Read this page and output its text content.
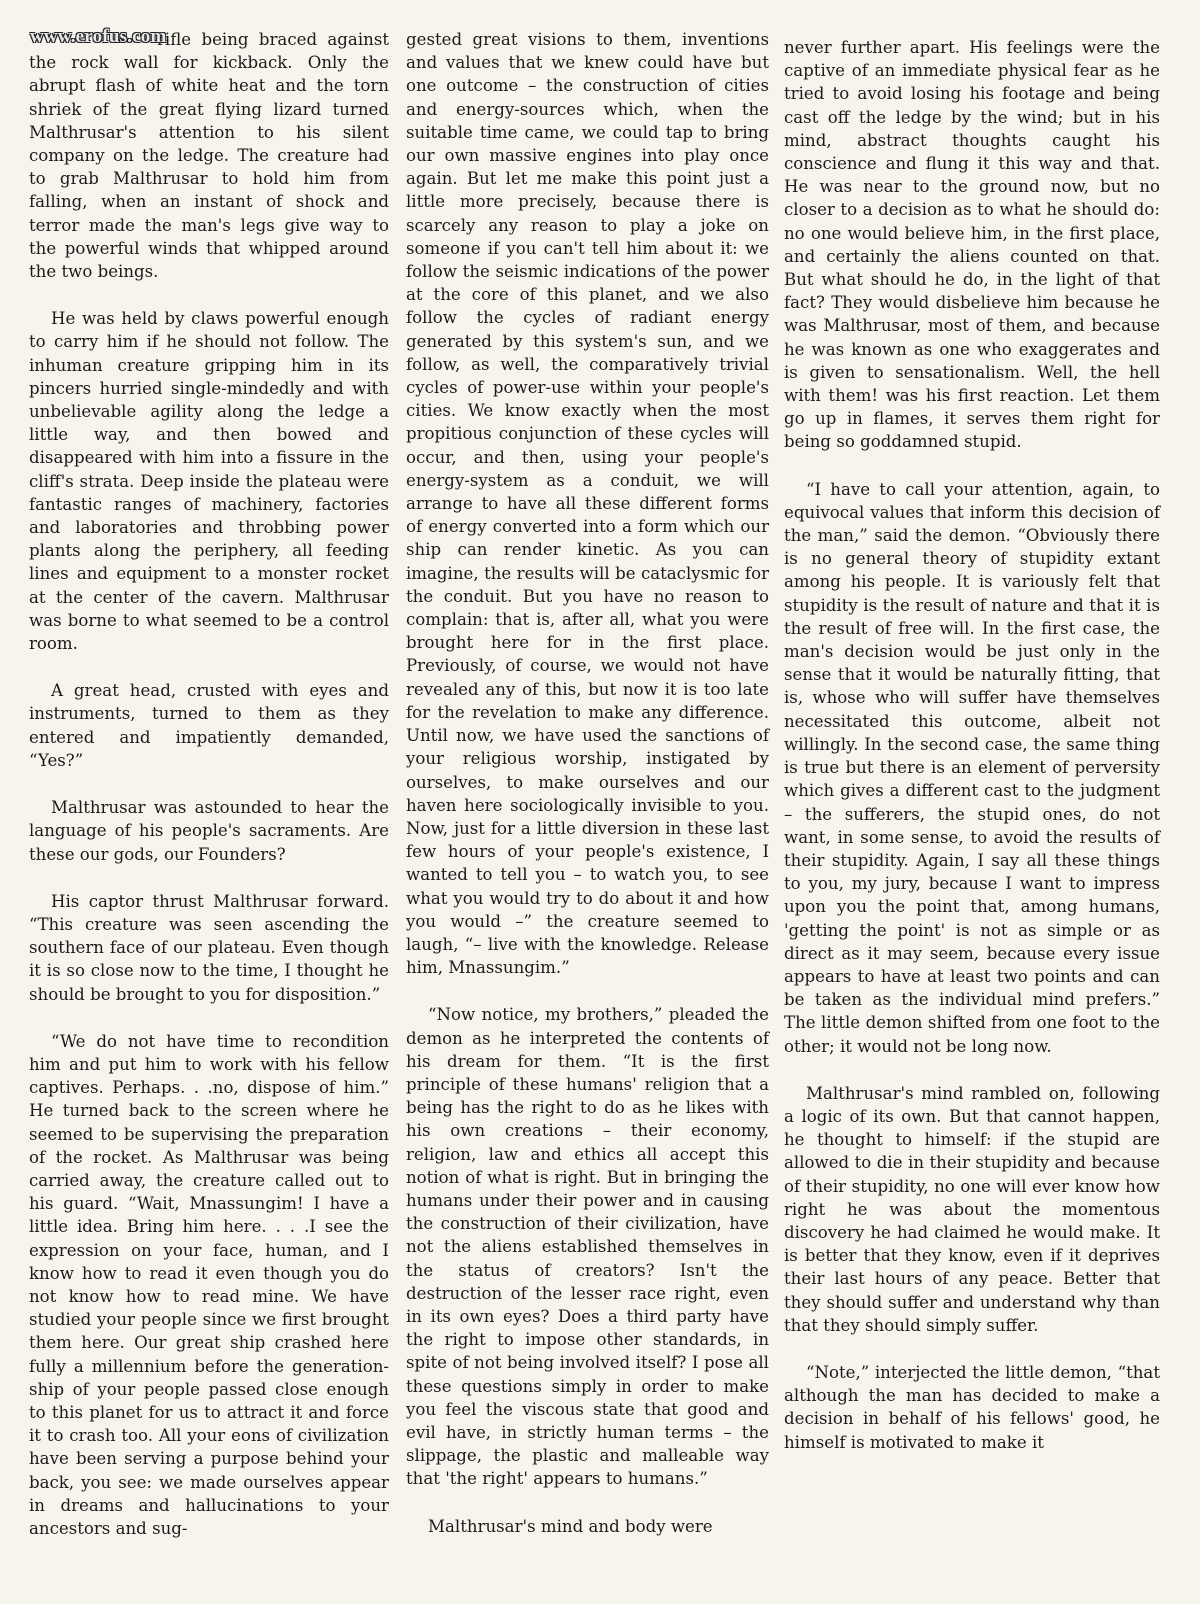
www.erofus.com

rifle being braced against the rock wall for kickback. Only the abrupt flash of white heat and the torn shriek of the great flying lizard turned Malthrusar's attention to his silent company on the ledge. The creature had to grab Malthrusar to hold him from falling, when an instant of shock and terror made the man's legs give way to the powerful winds that whipped around the two beings.

He was held by claws powerful enough to carry him if he should not follow. The inhuman creature gripping him in its pincers hurried single-mindedly and with unbelievable agility along the ledge a little way, and then bowed and disappeared with him into a fissure in the cliff's strata. Deep inside the plateau were fantastic ranges of machinery, factories and laboratories and throbbing power plants along the periphery, all feeding lines and equipment to a monster rocket at the center of the cavern. Malthrusar was borne to what seemed to be a control room.

A great head, crusted with eyes and instruments, turned to them as they entered and impatiently demanded, “Yes?”

Malthrusar was astounded to hear the language of his people's sacraments. Are these our gods, our Founders?

His captor thrust Malthrusar forward. “This creature was seen ascending the southern face of our plateau. Even though it is so close now to the time, I thought he should be brought to you for disposition.”

“We do not have time to recondition him and put him to work with his fellow captives. Perhaps. . .no, dispose of him.” He turned back to the screen where he seemed to be supervising the preparation of the rocket. As Malthrusar was being carried away, the creature called out to his guard. “Wait, Mnassungim! I have a little idea. Bring him here. . . .I see the expression on your face, human, and I know how to read it even though you do not know how to read mine. We have studied your people since we first brought them here. Our great ship crashed here fully a millennium before the generation-ship of your people passed close enough to this planet for us to attract it and force it to crash too. All your eons of civilization have been serving a purpose behind your back, you see: we made ourselves appear in dreams and hallucinations to your ancestors and sug-

gested great visions to them, inventions and values that we knew could have but one outcome – the construction of cities and energy-sources which, when the suitable time came, we could tap to bring our own massive engines into play once again. But let me make this point just a little more precisely, because there is scarcely any reason to play a joke on someone if you can't tell him about it: we follow the seismic indications of the power at the core of this planet, and we also follow the cycles of radiant energy generated by this system's sun, and we follow, as well, the comparatively trivial cycles of power-use within your people's cities. We know exactly when the most propitious conjunction of these cycles will occur, and then, using your people's energy-system as a conduit, we will arrange to have all these different forms of energy converted into a form which our ship can render kinetic. As you can imagine, the results will be cataclysmic for the conduit. But you have no reason to complain: that is, after all, what you were brought here for in the first place. Previously, of course, we would not have revealed any of this, but now it is too late for the revelation to make any difference. Until now, we have used the sanctions of your religious worship, instigated by ourselves, to make ourselves and our haven here sociologically invisible to you. Now, just for a little diversion in these last few hours of your people's existence, I wanted to tell you – to watch you, to see what you would try to do about it and how you would –” the creature seemed to laugh, “– live with the knowledge. Release him, Mnassungim.”

“Now notice, my brothers,” pleaded the demon as he interpreted the contents of his dream for them. “It is the first principle of these humans' religion that a being has the right to do as he likes with his own creations – their economy, religion, law and ethics all accept this notion of what is right. But in bringing the humans under their power and in causing the construction of their civilization, have not the aliens established themselves in the status of creators? Isn't the destruction of the lesser race right, even in its own eyes? Does a third party have the right to impose other standards, in spite of not being involved itself? I pose all these questions simply in order to make you feel the viscous state that good and evil have, in strictly human terms – the slippage, the plastic and malleable way that 'the right' appears to humans.”

Malthrusar's mind and body were

never further apart. His feelings were the captive of an immediate physical fear as he tried to avoid losing his footage and being cast off the ledge by the wind; but in his mind, abstract thoughts caught his conscience and flung it this way and that. He was near to the ground now, but no closer to a decision as to what he should do: no one would believe him, in the first place, and certainly the aliens counted on that. But what should he do, in the light of that fact? They would disbelieve him because he was Malthrusar, most of them, and because he was known as one who exaggerates and is given to sensationalism. Well, the hell with them! was his first reaction. Let them go up in flames, it serves them right for being so goddamned stupid.

“I have to call your attention, again, to equivocal values that inform this decision of the man,” said the demon. “Obviously there is no general theory of stupidity extant among his people. It is variously felt that stupidity is the result of nature and that it is the result of free will. In the first case, the man's decision would be just only in the sense that it would be naturally fitting, that is, whose who will suffer have themselves necessitated this outcome, albeit not willingly. In the second case, the same thing is true but there is an element of perversity which gives a different cast to the judgment – the sufferers, the stupid ones, do not want, in some sense, to avoid the results of their stupidity. Again, I say all these things to you, my jury, because I want to impress upon you the point that, among humans, 'getting the point' is not as simple or as direct as it may seem, because every issue appears to have at least two points and can be taken as the individual mind prefers.” The little demon shifted from one foot to the other; it would not be long now.

Malthrusar's mind rambled on, following a logic of its own. But that cannot happen, he thought to himself: if the stupid are allowed to die in their stupidity and because of their stupidity, no one will ever know how right he was about the momentous discovery he had claimed he would make. It is better that they know, even if it deprives their last hours of any peace. Better that they should suffer and understand why than that they should simply suffer.

“Note,” interjected the little demon, “that although the man has decided to make a decision in behalf of his fellows' good, he himself is motivated to make it
